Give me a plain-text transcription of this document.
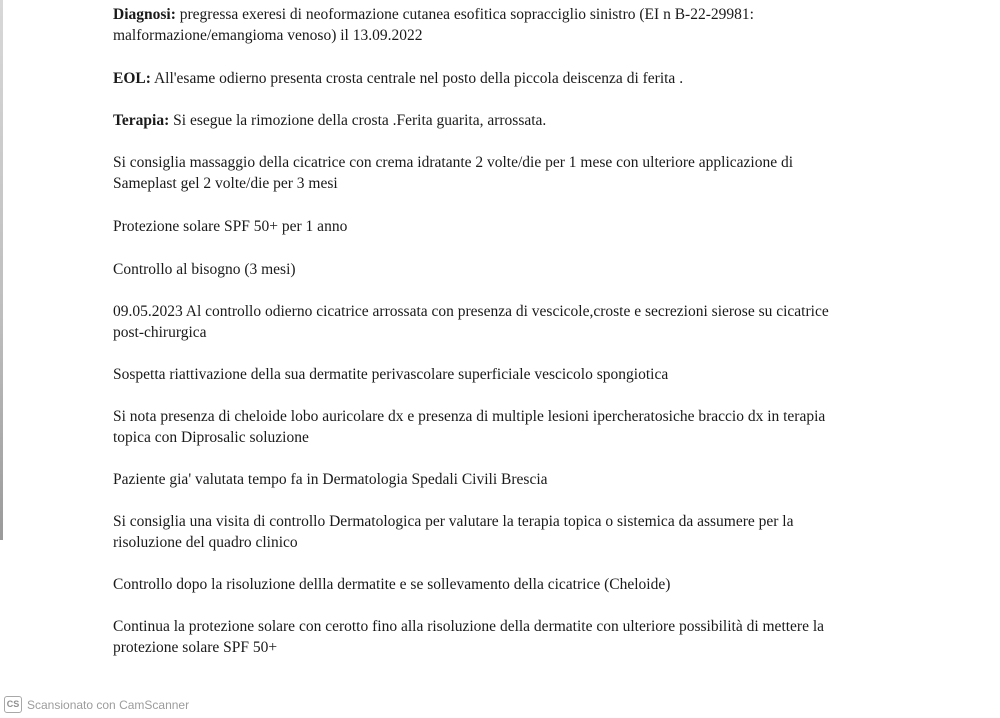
Diagnosi: pregressa exeresi di neoformazione cutanea esofitica sopracciglio sinistro (EI n B-22-29981:
malformazione/emangioma venoso) il 13.09.2022
EOL: All'esame odierno presenta crosta centrale nel posto della piccola deiscenza di ferita .
Terapia: Si esegue la rimozione della crosta .Ferita guarita, arrossata.
Si consiglia massaggio della cicatrice con crema idratante 2 volte/die per 1 mese con ulteriore applicazione di
Sameplast gel 2 volte/die per 3 mesi
Protezione solare SPF 50+ per 1 anno
Controllo al bisogno (3 mesi)
09.05.2023 Al controllo odierno cicatrice arrossata con presenza di vescicole,croste e secrezioni sierose su cicatrice
post-chirurgica
Sospetta riattivazione della sua dermatite perivascolare superficiale vescicolo spongiotica
Si nota presenza di cheloide lobo auricolare dx e presenza di multiple lesioni ipercheratosiche braccio dx in terapia
topica con Diprosalic soluzione
Paziente gia' valutata tempo fa in Dermatologia Spedali Civili Brescia
Si consiglia una visita di controllo Dermatologica per valutare la terapia topica o sistemica da assumere per la
risoluzione del quadro clinico
Controllo dopo la risoluzione dellla dermatite e se sollevamento della cicatrice (Cheloide)
Continua la protezione solare con cerotto fino alla risoluzione della dermatite con ulteriore possibilità di mettere la
protezione solare SPF 50+
CS Scansionato con CamScanner
